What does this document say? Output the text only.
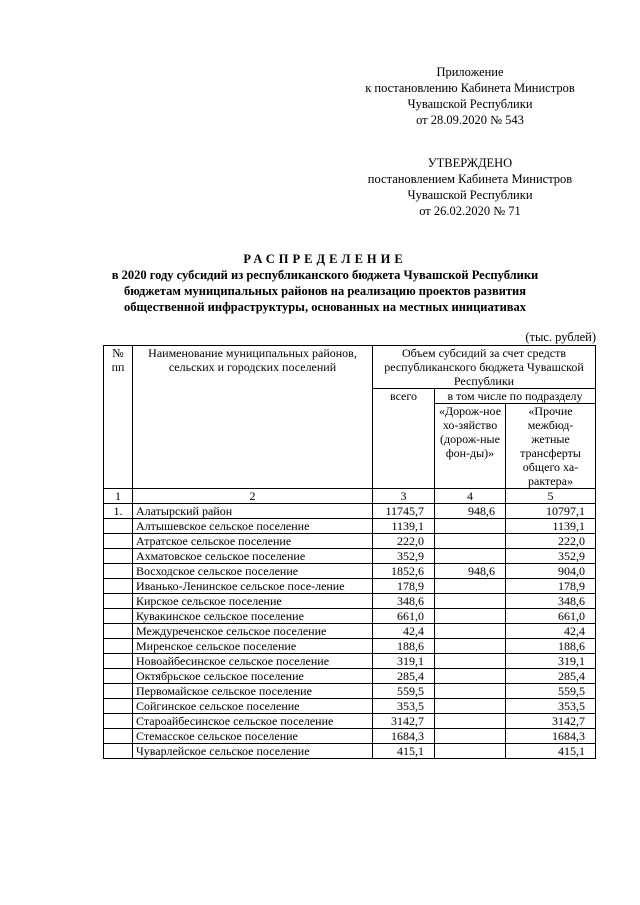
Приложение
к постановлению Кабинета Министров
Чувашской Республики
от 28.09.2020 № 543
УТВЕРЖДЕНО
постановлением Кабинета Министров
Чувашской Республики
от 26.02.2020 № 71
РАСПРЕДЕЛЕНИЕ
в 2020 году субсидий из республиканского бюджета Чувашской Республики
бюджетам муниципальных районов на реализацию проектов развития
общественной инфраструктуры, основанных на местных инициативах
(тыс. рублей)
№ пп	Наименование муниципальных районов, сельских и городских поселений	Объем субсидий за счет средств республиканского бюджета Чувашской Республики		
		всего	в том числе по подразделу	
			«Дорож-ное хо-зяйство (дорож-ные фон-ды)»	«Прочие межбюд-жетные трансферты общего ха-рактера»
1	2	3	4	5
1.	Алатырский район	11745,7	948,6	10797,1
	Алтышевское сельское поселение	1139,1		1139,1
	Атратское сельское поселение	222,0		222,0
	Ахматовское сельское поселение	352,9		352,9
	Восходское сельское поселение	1852,6	948,6	904,0
	Иванько-Ленинское сельское посе-ление	178,9		178,9
	Кирское сельское поселение	348,6		348,6
	Кувакинское сельское поселение	661,0		661,0
	Междуреченское сельское поселение	42,4		42,4
	Миренское сельское поселение	188,6		188,6
	Новоайбесинское сельское поселение	319,1		319,1
	Октябрьское сельское поселение	285,4		285,4
	Первомайское сельское поселение	559,5		559,5
	Сойгинское сельское поселение	353,5		353,5
	Староайбесинское сельское поселение	3142,7		3142,7
	Стемасское сельское поселение	1684,3		1684,3
	Чуварлейское сельское поселение	415,1		415,1
